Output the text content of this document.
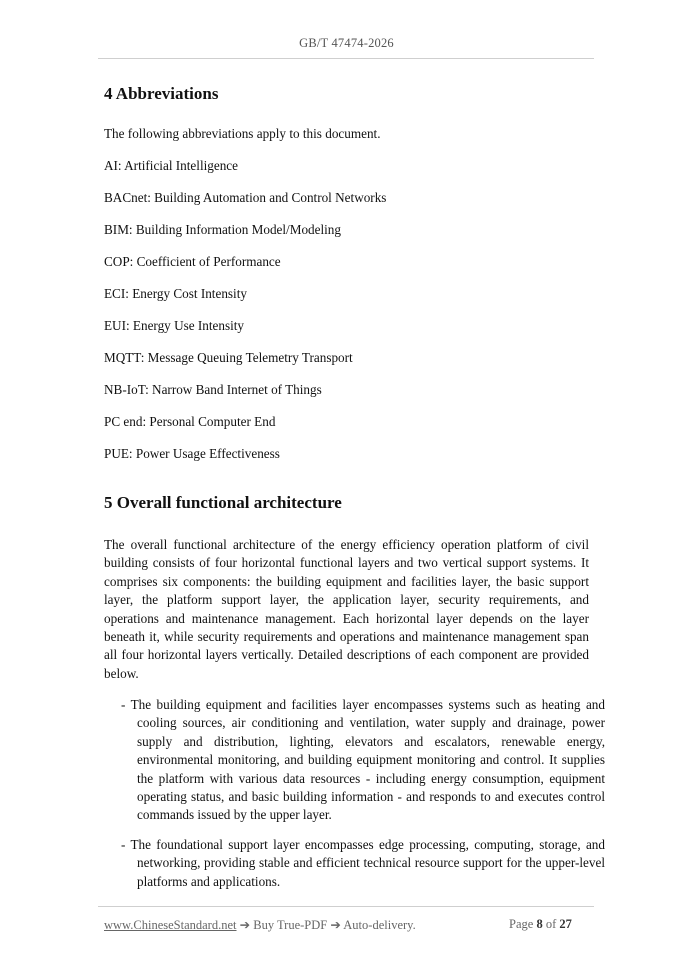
GB/T 47474-2026
4 Abbreviations

The following abbreviations apply to this document.

AI: Artificial Intelligence
BACnet: Building Automation and Control Networks
BIM: Building Information Model/Modeling
COP: Coefficient of Performance
ECI: Energy Cost Intensity
EUI: Energy Use Intensity
MQTT: Message Queuing Telemetry Transport
NB-IoT: Narrow Band Internet of Things
PC end: Personal Computer End
PUE: Power Usage Effectiveness
5 Overall functional architecture

The overall functional architecture of the energy efficiency operation platform of civil building consists of four horizontal functional layers and two vertical support systems. It comprises six components: the building equipment and facilities layer, the basic support layer, the platform support layer, the application layer, security requirements, and operations and maintenance management. Each horizontal layer depends on the layer beneath it, while security requirements and operations and maintenance management span all four horizontal layers vertically. Detailed descriptions of each component are provided below.

- The building equipment and facilities layer encompasses systems such as heating and cooling sources, air conditioning and ventilation, water supply and drainage, power supply and distribution, lighting, elevators and escalators, renewable energy, environmental monitoring, and building equipment monitoring and control. It supplies the platform with various data resources - including energy consumption, equipment operating status, and basic building information - and responds to and executes control commands issued by the upper layer.

- The foundational support layer encompasses edge processing, computing, storage, and networking, providing stable and efficient technical resource support for the upper-level platforms and applications.

www.ChineseStandard.net ➔ Buy True-PDF ➔ Auto-delivery.	Page 8 of 27
